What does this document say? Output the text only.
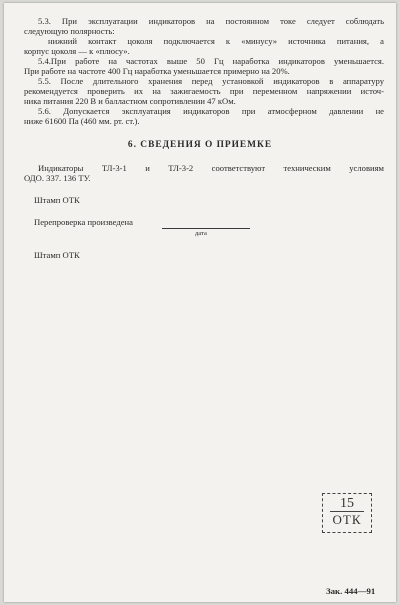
5.3. При эксплуатации индикаторов на постоянном токе следует соблюдать
следующую полярность:
нижний контакт цоколя подключается к «минусу» источника питания, а
корпус цоколя — к «плюсу».
5.4.При работе на частотах выше 50 Гц наработка индикаторов уменьшается.
При работе на частоте 400 Гц наработка уменьшается примерно на 20%.
5.5. После длительного хранения перед установкой индикаторов в аппаратуру
рекомендуется проверить их на зажигаемость при переменном напряжении источ-
ника питания 220 В и балластном сопротивлении 47 кОм.
5.6. Допускается эксплуатация индикаторов при атмосферном давлении не
ниже 61600 Па (460 мм. рт. ст.).
6. СВЕДЕНИЯ О ПРИЕМКЕ
Индикаторы ТЛ-3-1 и ТЛ-3-2 соответствуют техническим условиям
ОДО. 337. 136 ТУ.
Штамп ОТК
Перепроверка произведена
дата
Штамп ОТК
15
ОТК
Зак. 444—91
